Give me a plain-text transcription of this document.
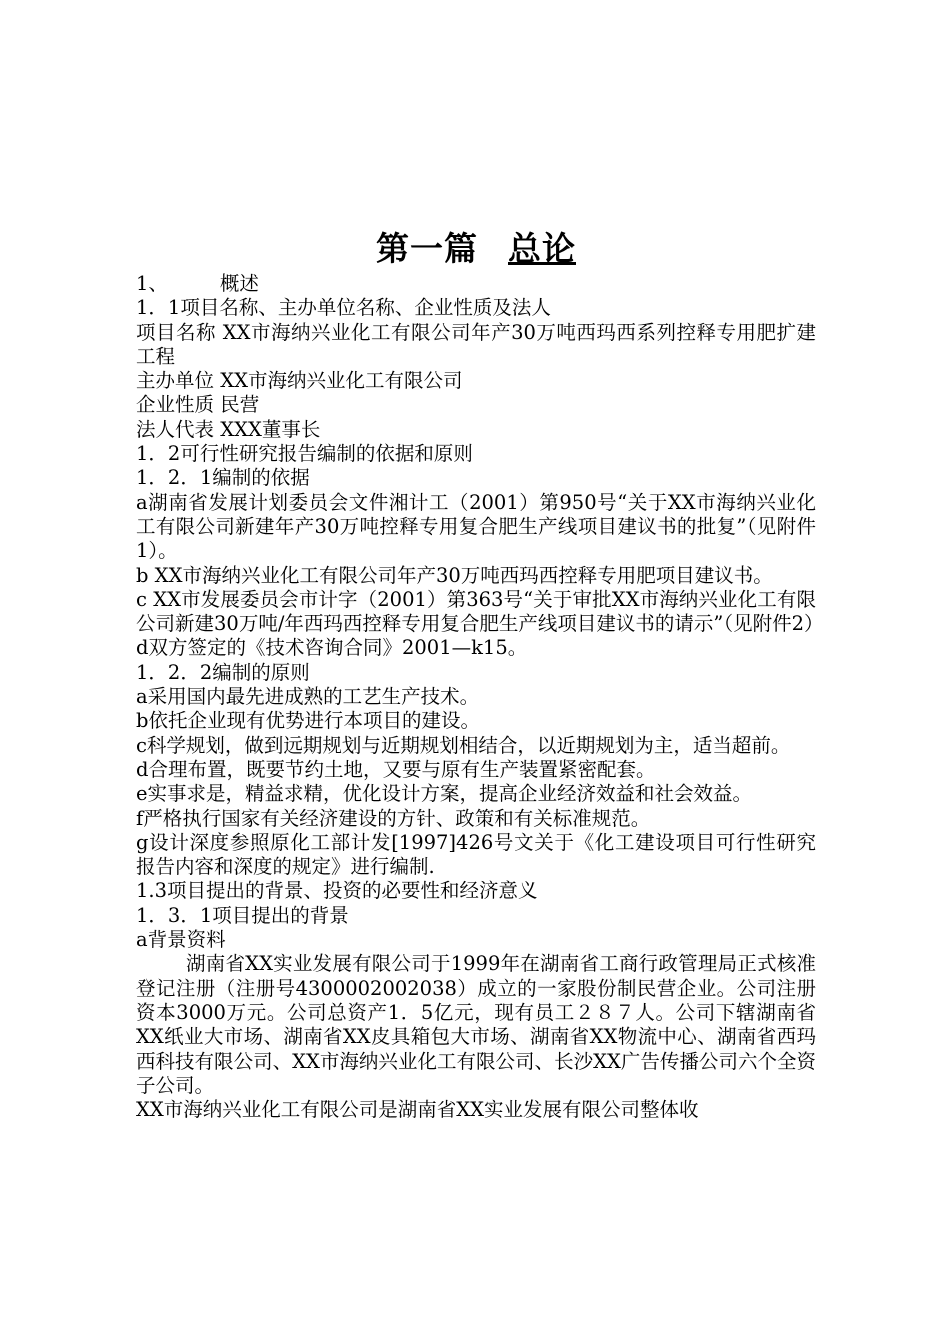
第一篇 总论

1、	概述

1．1项目名称、主办单位名称、企业性质及法人

项目名称 XX市海纳兴业化工有限公司年产30万吨西玛西系列控释专用肥扩建工程

主办单位 XX市海纳兴业化工有限公司

企业性质 民营

法人代表 XXX董事长

1．2可行性研究报告编制的依据和原则

1．2．1编制的依据

a湖南省发展计划委员会文件湘计工（2001）第950号“关于XX市海纳兴业化工有限公司新建年产30万吨控释专用复合肥生产线项目建议书的批复”（见附件1）。

b XX市海纳兴业化工有限公司年产30万吨西玛西控释专用肥项目建议书。

c XX市发展委员会市计字（2001）第363号“关于审批XX市海纳兴业化工有限公司新建30万吨/年西玛西控释专用复合肥生产线项目建议书的请示”（见附件2）

d双方签定的《技术咨询合同》2001—k15。

1．2．2编制的原则

a采用国内最先进成熟的工艺生产技术。

b依托企业现有优势进行本项目的建设。

c科学规划，做到远期规划与近期规划相结合，以近期规划为主，适当超前。

d合理布置，既要节约土地，又要与原有生产装置紧密配套。

e实事求是，精益求精，优化设计方案，提高企业经济效益和社会效益。

f严格执行国家有关经济建设的方针、政策和有关标准规范。

g设计深度参照原化工部计发[1997]426号文关于《化工建设项目可行性研究报告内容和深度的规定》进行编制.

1.3项目提出的背景、投资的必要性和经济意义

1．3．1项目提出的背景

a背景资料

湖南省XX实业发展有限公司于1999年在湖南省工商行政管理局正式核准登记注册（注册号4300002002038）成立的一家股份制民营企业。公司注册资本3000万元。公司总资产1．5亿元，现有员工２８７人。公司下辖湖南省XX纸业大市场、湖南省XX皮具箱包大市场、湖南省XX物流中心、湖南省西玛西科技有限公司、XX市海纳兴业化工有限公司、长沙XX广告传播公司六个全资子公司。

XX市海纳兴业化工有限公司是湖南省XX实业发展有限公司整体收
